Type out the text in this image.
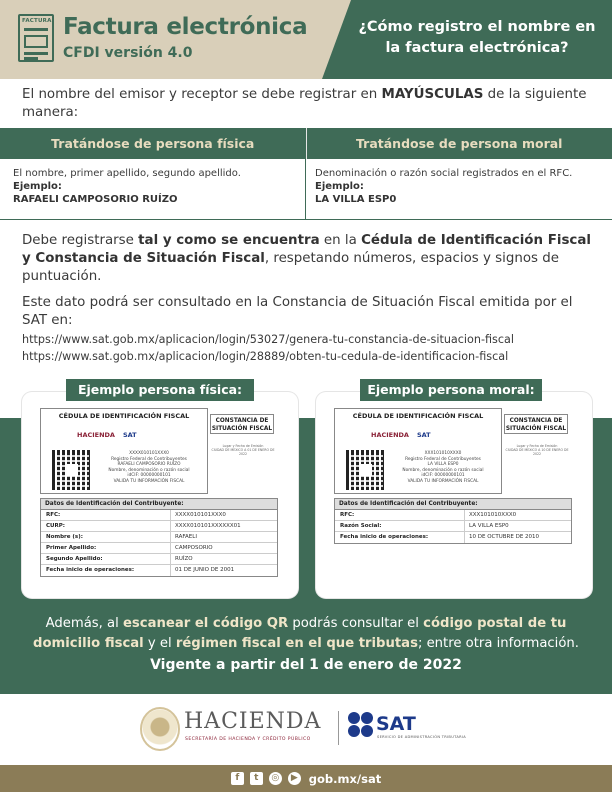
FACTURA Factura electrónica
CFDI versión 4.0
¿Cómo registro el nombre en la factura electrónica?
El nombre del emisor y receptor se debe registrar en MAYÚSCULAS de la siguiente manera:
Tratándose de persona física	Tratándose de persona moral
El nombre, primer apellido, segundo apellido.
Ejemplo:
RAFAELI CAMPOSORIO RUÍZO
Denominación o razón social registrados en el RFC.
Ejemplo:
LA VILLA ESP0
Debe registrarse tal y como se encuentra en la Cédula de Identificación Fiscal y Constancia de Situación Fiscal, respetando números, espacios y signos de puntuación.
Este dato podrá ser consultado en la Constancia de Situación Fiscal emitida por el SAT en:
https://www.sat.gob.mx/aplicacion/login/53027/genera-tu-constancia-de-situacion-fiscal
https://www.sat.gob.mx/aplicacion/login/28889/obten-tu-cedula-de-identificacion-fiscal
CÉDULA DE IDENTIFICACIÓN FISCAL
HACIENDA SAT
XXXX010101XXX0
Registro Federal de Contribuyentes
RAFAELI CAMPOSORIO RUÍZO
Nombre, denominación o razón social
idCIF: 00000000101
VALIDA TU INFORMACIÓN FISCAL
CONSTANCIA DE SITUACIÓN FISCAL
Lugar y Fecha de Emisión
CIUDAD DE MEXICO A 01 DE ENERO DE 2022
Datos de Identificación del Contribuyente:
RFC:	XXXX010101XXX0
CURP:	XXXX010101XXXXXX01
Nombre (s):	RAFAELI
Primer Apellido:	CAMPOSORIO
Segundo Apellido:	RUÍZO
Fecha inicio de operaciones:	01 DE JUNIO DE 2001
Ejemplo persona física:
CÉDULA DE IDENTIFICACIÓN FISCAL
HACIENDA SAT
XXX101010XXX0
Registro Federal de Contribuyentes
LA VILLA ESP0
Nombre, denominación o razón social
idCIF: 00000000101
VALIDA TU INFORMACIÓN FISCAL
CONSTANCIA DE SITUACIÓN FISCAL
Lugar y Fecha de Emisión
CIUDAD DE MEXICO A 10 DE ENERO DE 2022
Datos de Identificación del Contribuyente:
RFC:	XXX101010XXX0
Razón Social:	LA VILLA ESP0
Fecha inicio de operaciones:	10 DE OCTUBRE DE 2010
Ejemplo persona moral:
Además, al escanear el código QR podrás consultar el código postal de tu domicilio fiscal y el régimen fiscal en el que tributas; entre otra información.
Vigente a partir del 1 de enero de 2022
HACIENDA
SECRETARÍA DE HACIENDA Y CRÉDITO PÚBLICO
SAT
SERVICIO DE ADMINISTRACIÓN TRIBUTARIA
f	t	◎	▶ gob.mx/sat
